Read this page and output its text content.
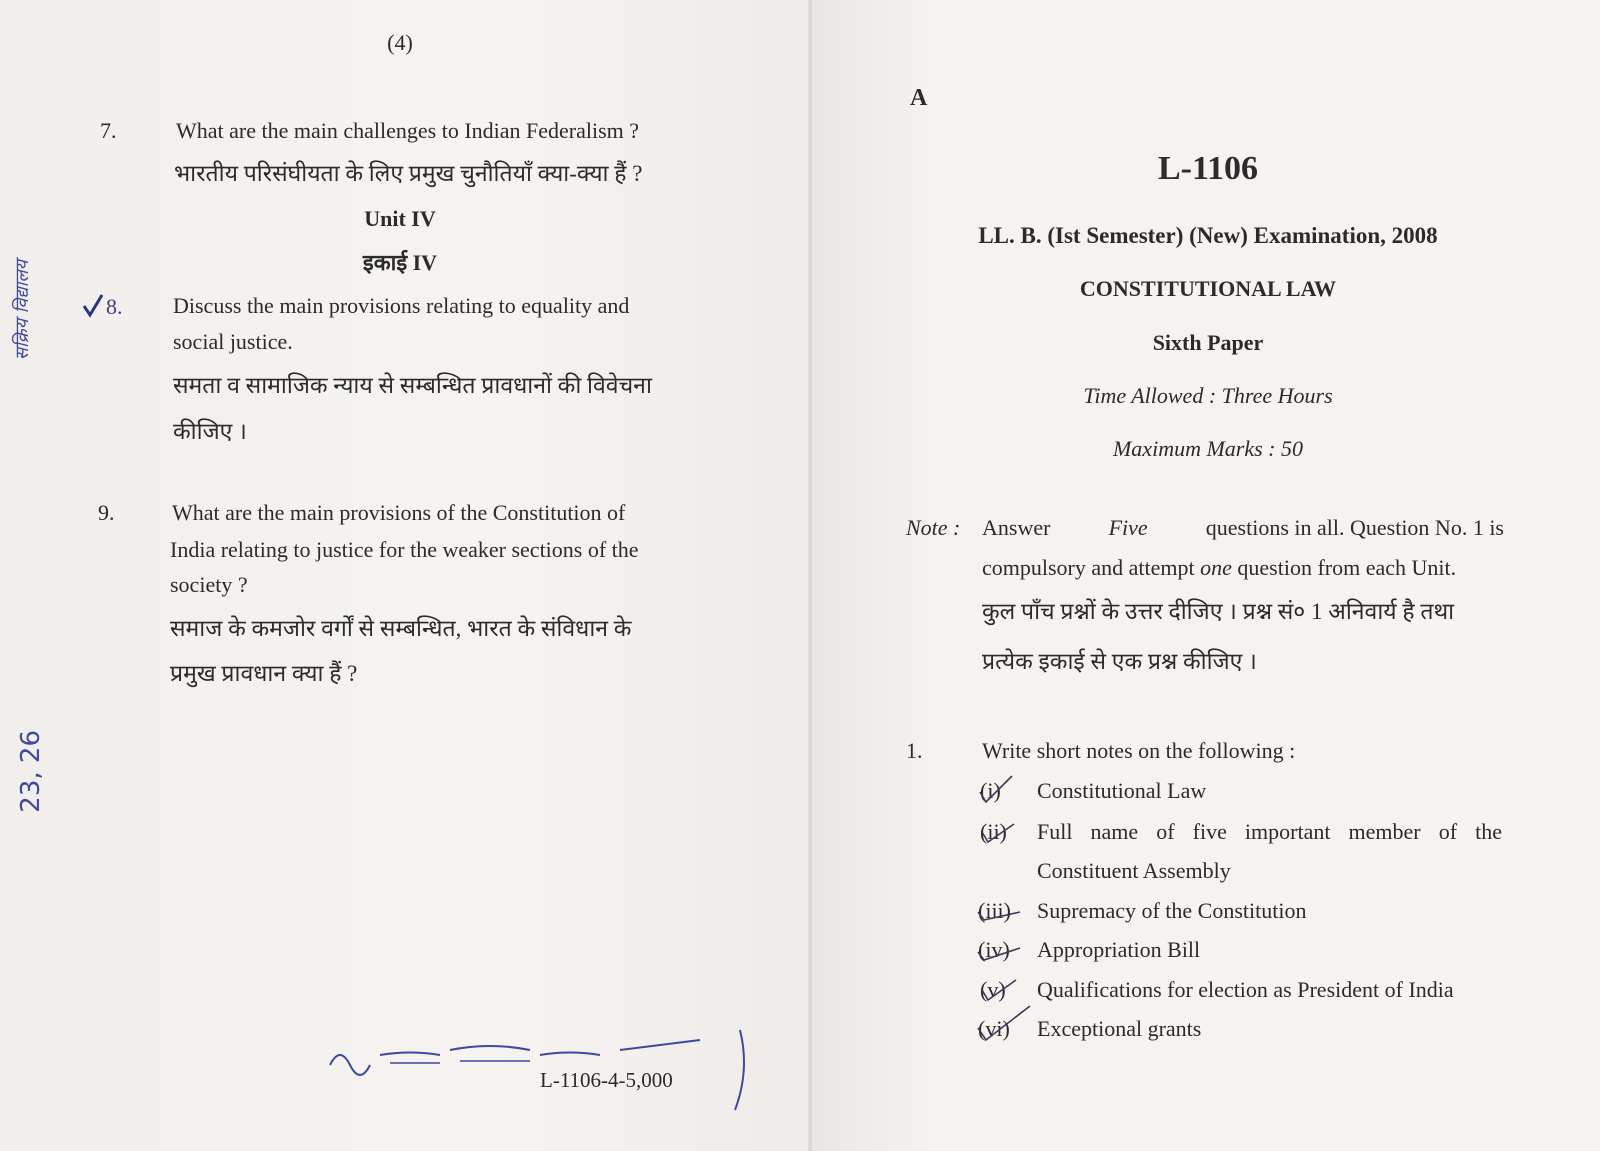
(4)
7.	What are the main challenges to Indian Federalism ?
भारतीय परिसंघीयता के लिए प्रमुख चुनौतियाँ क्या-क्या हैं ?
Unit IV
इकाई IV
8. Discuss the main provisions relating to equality and
social justice.
समता व सामाजिक न्याय से सम्बन्धित प्रावधानों की विवेचना
कीजिए ।
9.	What are the main provisions of the Constitution of
India relating to justice for the weaker sections of the
society ?
समाज के कमजोर वर्गों से सम्बन्धित, भारत के संविधान के
प्रमुख प्रावधान क्या हैं ?
L-1106-4-5,000
सक्रिय विद्यालय
23, 26
A
L-1106
LL. B. (Ist Semester) (New) Examination, 2008
CONSTITUTIONAL LAW
Sixth Paper
Time Allowed : Three Hours
Maximum Marks : 50
Note : Answer	Five	questions in all. Question No. 1 is
compulsory and attempt one question from each Unit.
कुल पाँच प्रश्नों के उत्तर दीजिए । प्रश्न सं० 1 अनिवार्य है तथा
प्रत्येक इकाई से एक प्रश्न कीजिए ।
1.	Write short notes on the following :
(i) Constitutional Law
(ii) Full name of five important member of the
Constituent Assembly
(iii) Supremacy of the Constitution
(iv) Appropriation Bill
(v) Qualifications for election as President of India
(vi) Exceptional grants
